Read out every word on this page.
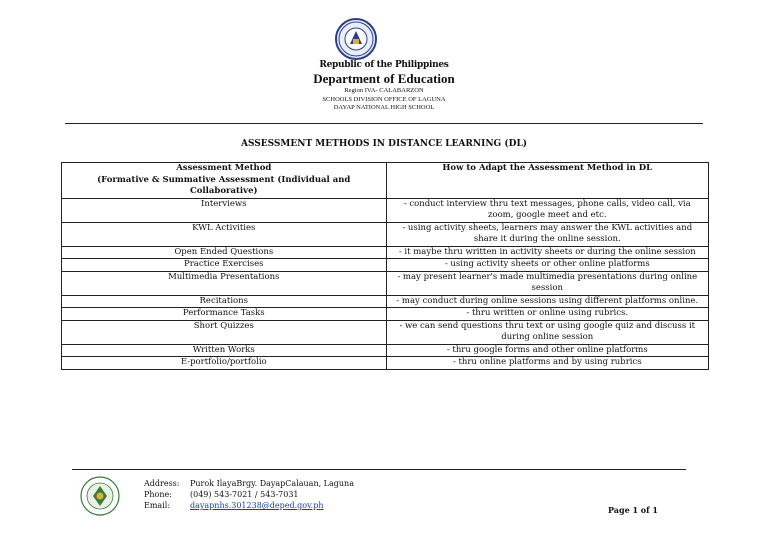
Republic of the Philippines
Department of Education
Region IVA- CALABARZON
SCHOOLS DIVISION OFFICE OF LAGUNA
DAYAP NATIONAL HIGH SCHOOL
ASSESSMENT METHODS IN DISTANCE LEARNING (DL)
Assessment Method
(Formative & Summative Assessment (Individual and Collaborative)	How to Adapt the Assessment Method in DL
Interviews	- conduct interview thru text messages, phone calls, video call, via zoom, google meet and etc.
KWL Activities	- using activity sheets, learners may answer the KWL activities and share it during the online session.
Open Ended Questions	- it maybe thru written in activity sheets or during the online session
Practice Exercises	- using activity sheets or other online platforms
Multimedia Presentations	- may present learner's made multimedia presentations during online session
Recitations	- may conduct during online sessions using different platforms online.
Performance Tasks	- thru written or online using rubrics.
Short Quizzes	- we can send questions thru text or using google quiz and discuss it during online session
Written Works	- thru google forms and other online platforms
E-portfolio/portfolio	- thru online platforms and by using rubrics
Address: Purok IlayaBrgy. DayapCalauan, Laguna
Phone: (049) 543-7021 / 543-7031
Email: dayapnhs.301238@deped.gov.ph	Page 1 of 1
